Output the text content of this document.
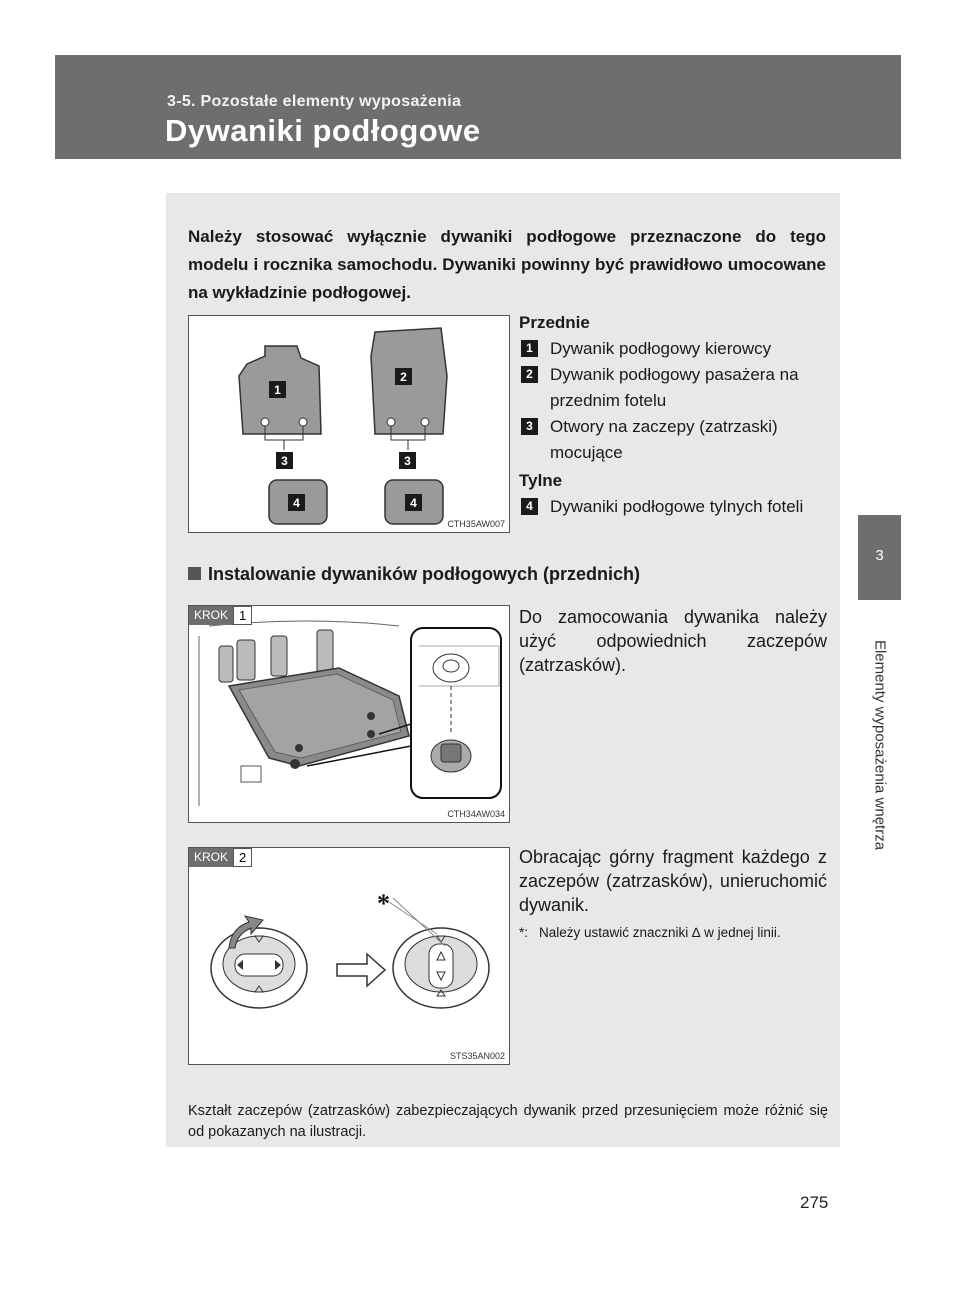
3-5. Pozostałe elementy wyposażenia
Dywaniki podłogowe
3
Elementy wyposażenia wnętrza
Należy stosować wyłącznie dywaniki podłogowe przeznaczone do tego modelu i rocznika samochodu. Dywaniki powinny być prawidłowo umocowane na wykładzinie podłogowej.
1
2
3	3
4	4
CTH35AW007
Przednie
1	Dywanik podłogowy kierowcy
2	Dywanik podłogowy pasażera na przednim fotelu
3	Otwory na zaczepy (zatrzaski) mocujące
Tylne
4	Dywaniki podłogowe tylnych foteli
Instalowanie dywaników podłogowych (przednich)
KROK 1
CTH34AW034
Do zamocowania dywanika należy użyć odpowiednich zaczepów (zatrzasków).
*
KROK 2
STS35AN002
Obracając górny fragment każdego z zaczepów (zatrzasków), unieruchomić dywanik.
*: Należy ustawić znaczniki ∆ w jednej linii.
Kształt zaczepów (zatrzasków) zabezpieczających dywanik przed przesunięciem może różnić się od pokazanych na ilustracji.
275
